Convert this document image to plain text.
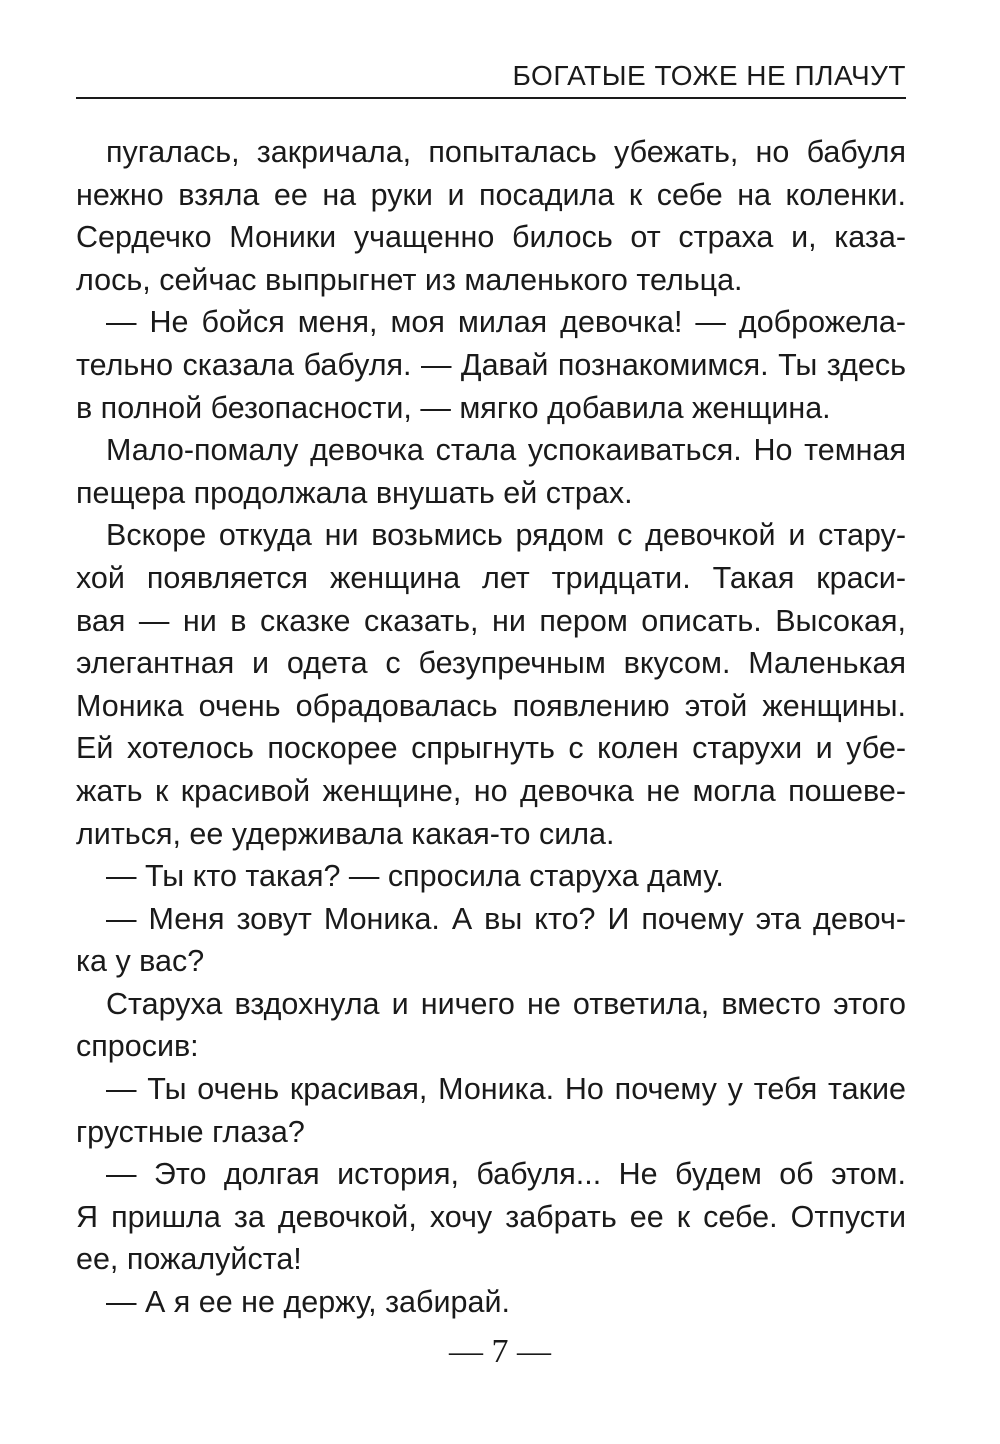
БОГАТЫЕ ТОЖЕ НЕ ПЛАЧУТ

пугалась, закричала, попыталась убежать, но бабуля
нежно взяла ее на руки и посадила к себе на коленки.
Сердечко Моники учащенно билось от страха и, каза-
лось, сейчас выпрыгнет из маленького тельца.

— Не бойся меня, моя милая девочка! — доброжела-
тельно сказала бабуля. — Давай познакомимся. Ты здесь
в полной безопасности, — мягко добавила женщина.

Мало-помалу девочка стала успокаиваться. Но темная
пещера продолжала внушать ей страх.

Вскоре откуда ни возьмись рядом с девочкой и стару-
хой появляется женщина лет тридцати. Такая краси-
вая — ни в сказке сказать, ни пером описать. Высокая,
элегантная и одета с безупречным вкусом. Маленькая
Моника очень обрадовалась появлению этой женщины.
Ей хотелось поскорее спрыгнуть с колен старухи и убе-
жать к красивой женщине, но девочка не могла пошеве-
литься, ее удерживала какая-то сила.

— Ты кто такая? — спросила старуха даму.

— Меня зовут Моника. А вы кто? И почему эта девоч-
ка у вас?

Старуха вздохнула и ничего не ответила, вместо этого
спросив:

— Ты очень красивая, Моника. Но почему у тебя такие
грустные глаза?

— Это долгая история, бабуля... Не будем об этом.
Я пришла за девочкой, хочу забрать ее к себе. Отпусти
ее, пожалуйста!

— А я ее не держу, забирай.

— 7 —
